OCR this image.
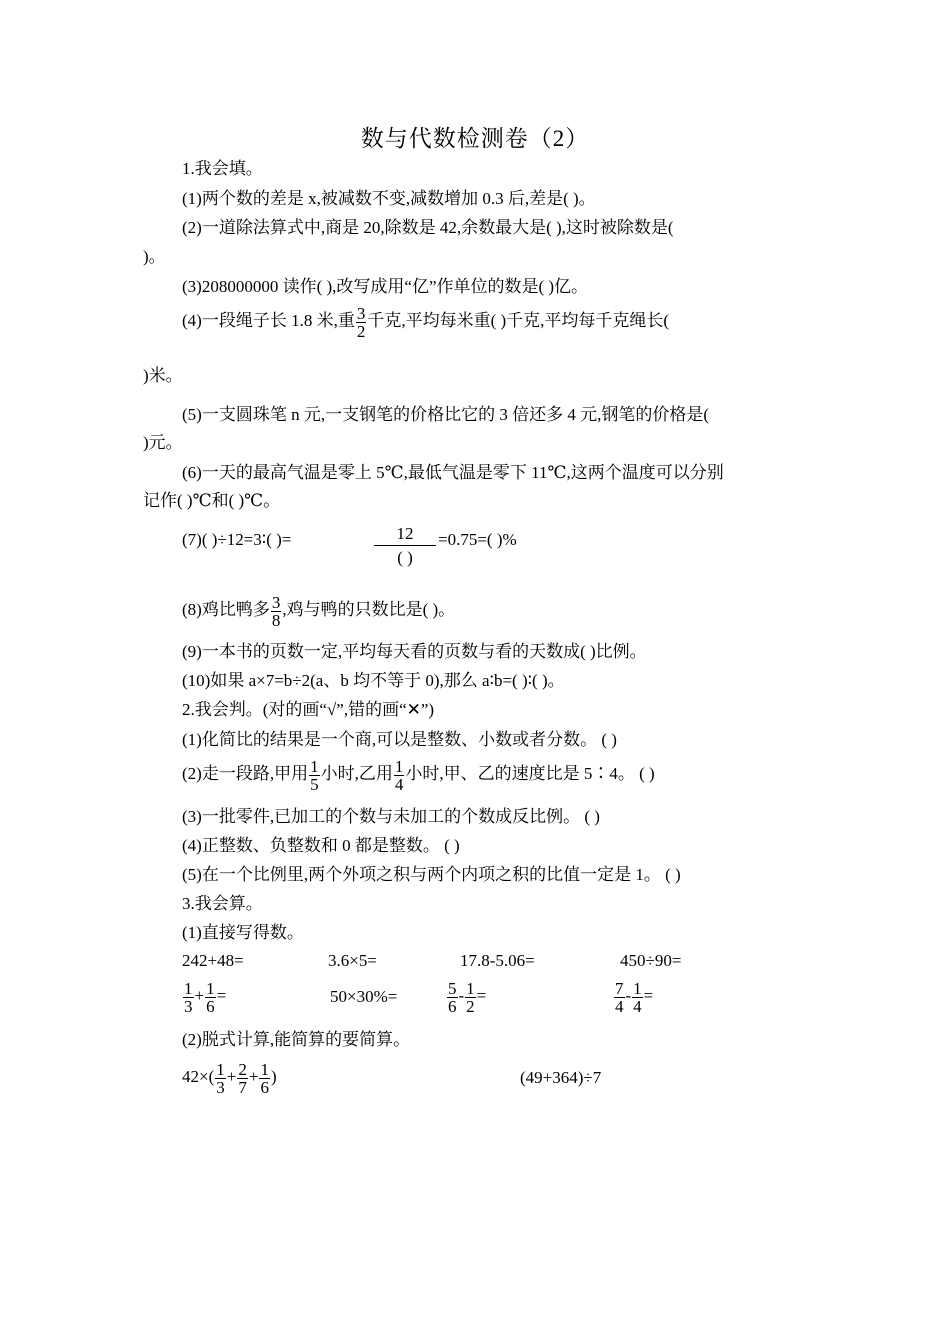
数与代数检测卷（2）
1.我会填。
(1)两个数的差是 x,被减数不变,减数增加 0.3 后,差是( )。
(2)一道除法算式中,商是 20,除数是 42,余数最大是( ),这时被除数是(
)。
(3)208000000 读作( ),改写成用“亿”作单位的数是( )亿。
(4)一段绳子长 1.8 米,重 $\frac{3}{2}$ 千克,平均每米重( )千克,平均每千克绳长(
)米。
(5)一支圆珠笔 n 元,一支钢笔的价格比它的 3 倍还多 4 元,钢笔的价格是(
)元。
(6)一天的最高气温是零上 5℃,最低气温是零下 11℃,这两个温度可以分别
记作( )℃和( )℃。
(7)( )÷12=3∶( )=	12
( )
=0.75=( )%
(8)鸡比鸭多 $\frac{3}{8}$ ,鸡与鸭的只数比是( )。
(9)一本书的页数一定,平均每天看的页数与看的天数成( )比例。
(10)如果 a×7=b÷2(a、b 均不等于 0),那么 a∶b=( )∶( )。
2.我会判。(对的画“√”,错的画“✕”)
(1)化简比的结果是一个商,可以是整数、小数或者分数。 ( )
(2)走一段路,甲用 $\frac{1}{5}$ 小时,乙用 $\frac{1}{4}$ 小时,甲、乙的速度比是 5∶4。 ( )
(3)一批零件,已加工的个数与未加工的个数成反比例。 ( )
(4)正整数、负整数和 0 都是整数。 ( )
(5)在一个比例里,两个外项之积与两个内项之积的比值一定是 1。 ( )
3.我会算。
(1)直接写得数。
242+48=	3.6×5=	17.8-5.06=	450÷90=
$\frac{1}{3} + \frac{1}{6}$ =	50×30%=	$\frac{5}{6} - \frac{1}{2}$ =	$\frac{7}{4} - \frac{1}{4}$ =
(2)脱式计算,能简算的要简算。
$42\times( \frac{1}{3} + \frac{2}{7} + \frac{1}{6}$ )	(49+364)÷7
